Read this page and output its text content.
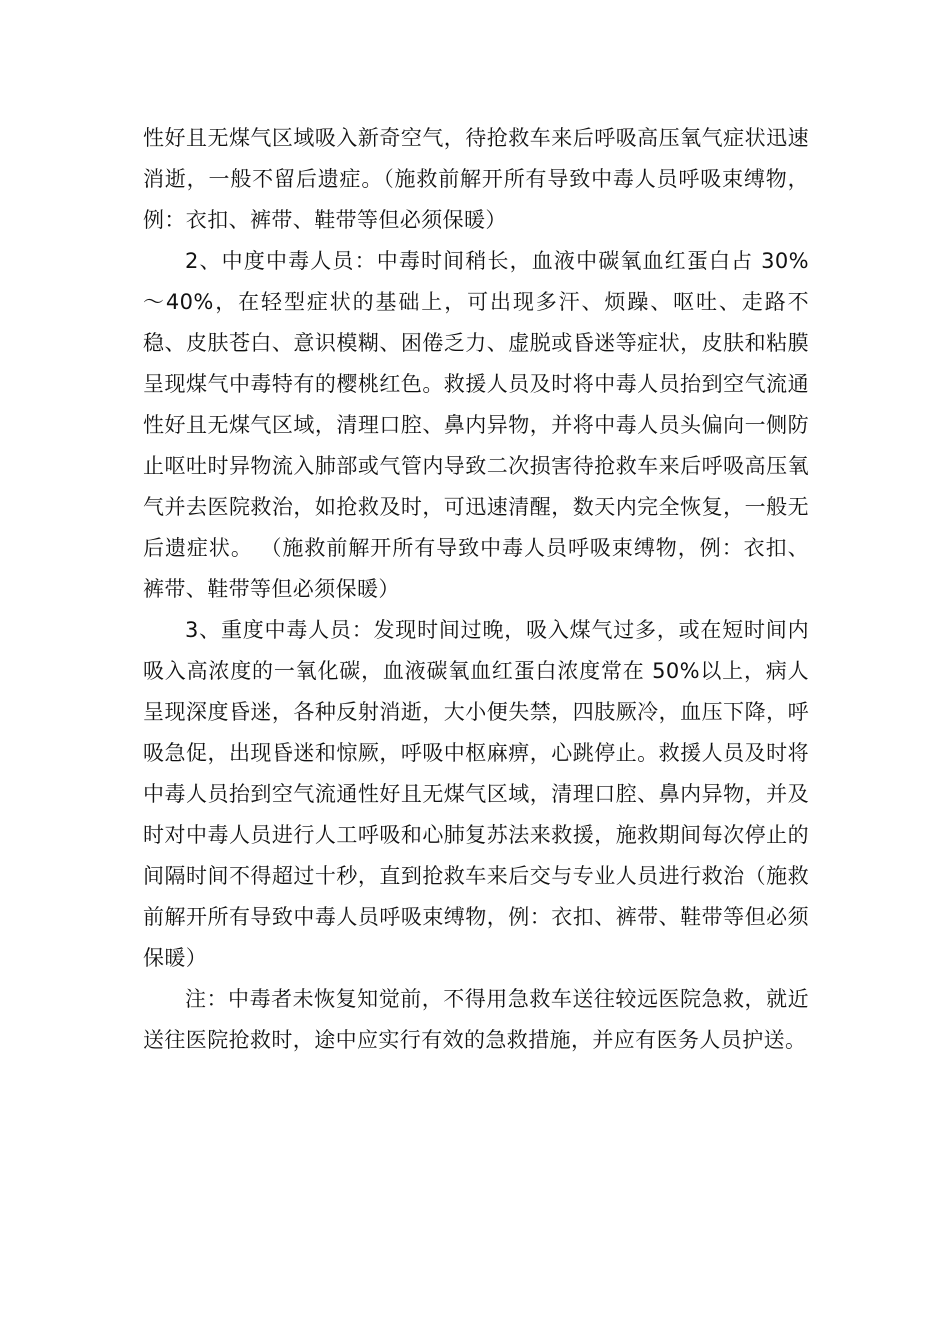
性好且无煤气区域吸入新奇空气，待抢救车来后呼吸高压氧气症状迅速消逝，一般不留后遗症。（施救前解开所有导致中毒人员呼吸束缚物，例：衣扣、裤带、鞋带等但必须保暖）

2、中度中毒人员：中毒时间稍长，血液中碳氧血红蛋白占 30%～40%，在轻型症状的基础上，可出现多汗、烦躁、呕吐、走路不稳、皮肤苍白、意识模糊、困倦乏力、虚脱或昏迷等症状，皮肤和粘膜呈现煤气中毒特有的樱桃红色。救援人员及时将中毒人员抬到空气流通性好且无煤气区域，清理口腔、鼻内异物，并将中毒人员头偏向一侧防止呕吐时异物流入肺部或气管内导致二次损害待抢救车来后呼吸高压氧气并去医院救治，如抢救及时，可迅速清醒，数天内完全恢复，一般无后遗症状。 （施救前解开所有导致中毒人员呼吸束缚物，例：衣扣、裤带、鞋带等但必须保暖）

3、重度中毒人员：发现时间过晚，吸入煤气过多，或在短时间内吸入高浓度的一氧化碳，血液碳氧血红蛋白浓度常在 50%以上，病人呈现深度昏迷，各种反射消逝，大小便失禁，四肢厥冷，血压下降，呼吸急促，出现昏迷和惊厥，呼吸中枢麻痹，心跳停止。救援人员及时将中毒人员抬到空气流通性好且无煤气区域，清理口腔、鼻内异物，并及时对中毒人员进行人工呼吸和心肺复苏法来救援，施救期间每次停止的间隔时间不得超过十秒，直到抢救车来后交与专业人员进行救治（施救前解开所有导致中毒人员呼吸束缚物，例：衣扣、裤带、鞋带等但必须保暖）

注：中毒者未恢复知觉前，不得用急救车送往较远医院急救，就近送往医院抢救时，途中应实行有效的急救措施，并应有医务人员护送。
